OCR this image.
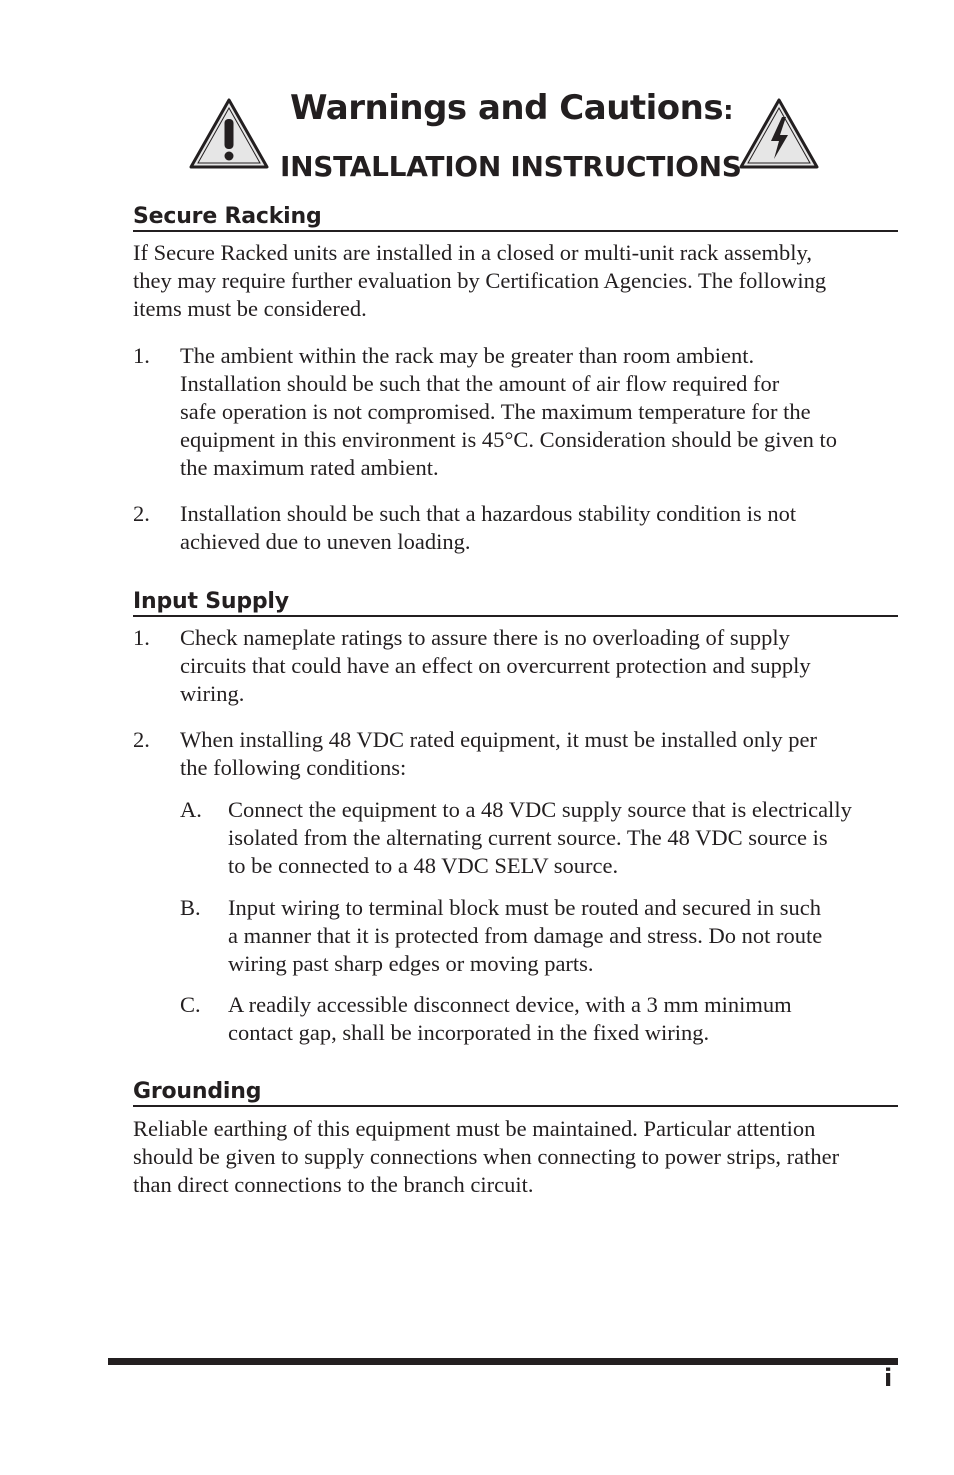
Warnings and Cautions:
INSTALLATION INSTRUCTIONS
Secure Racking
If Secure Racked units are installed in a closed or multi-unit rack assembly,
they may require further evaluation by Certification Agencies. The following
items must be considered.
1. The ambient within the rack may be greater than room ambient.
Installation should be such that the amount of air flow required for
safe operation is not compromised. The maximum temperature for the
equipment in this environment is 45°C. Consideration should be given to
the maximum rated ambient.
2. Installation should be such that a hazardous stability condition is not
achieved due to uneven loading.
Input Supply
1. Check nameplate ratings to assure there is no overloading of supply
circuits that could have an effect on overcurrent protection and supply
wiring.
2. When installing 48 VDC rated equipment, it must be installed only per
the following conditions:
A. Connect the equipment to a 48 VDC supply source that is electrically
isolated from the alternating current source. The 48 VDC source is
to be connected to a 48 VDC SELV source.
B. Input wiring to terminal block must be routed and secured in such
a manner that it is protected from damage and stress. Do not route
wiring past sharp edges or moving parts.
C. A readily accessible disconnect device, with a 3 mm minimum
contact gap, shall be incorporated in the fixed wiring.
Grounding
Reliable earthing of this equipment must be maintained. Particular attention
should be given to supply connections when connecting to power strips, rather
than direct connections to the branch circuit.
i
